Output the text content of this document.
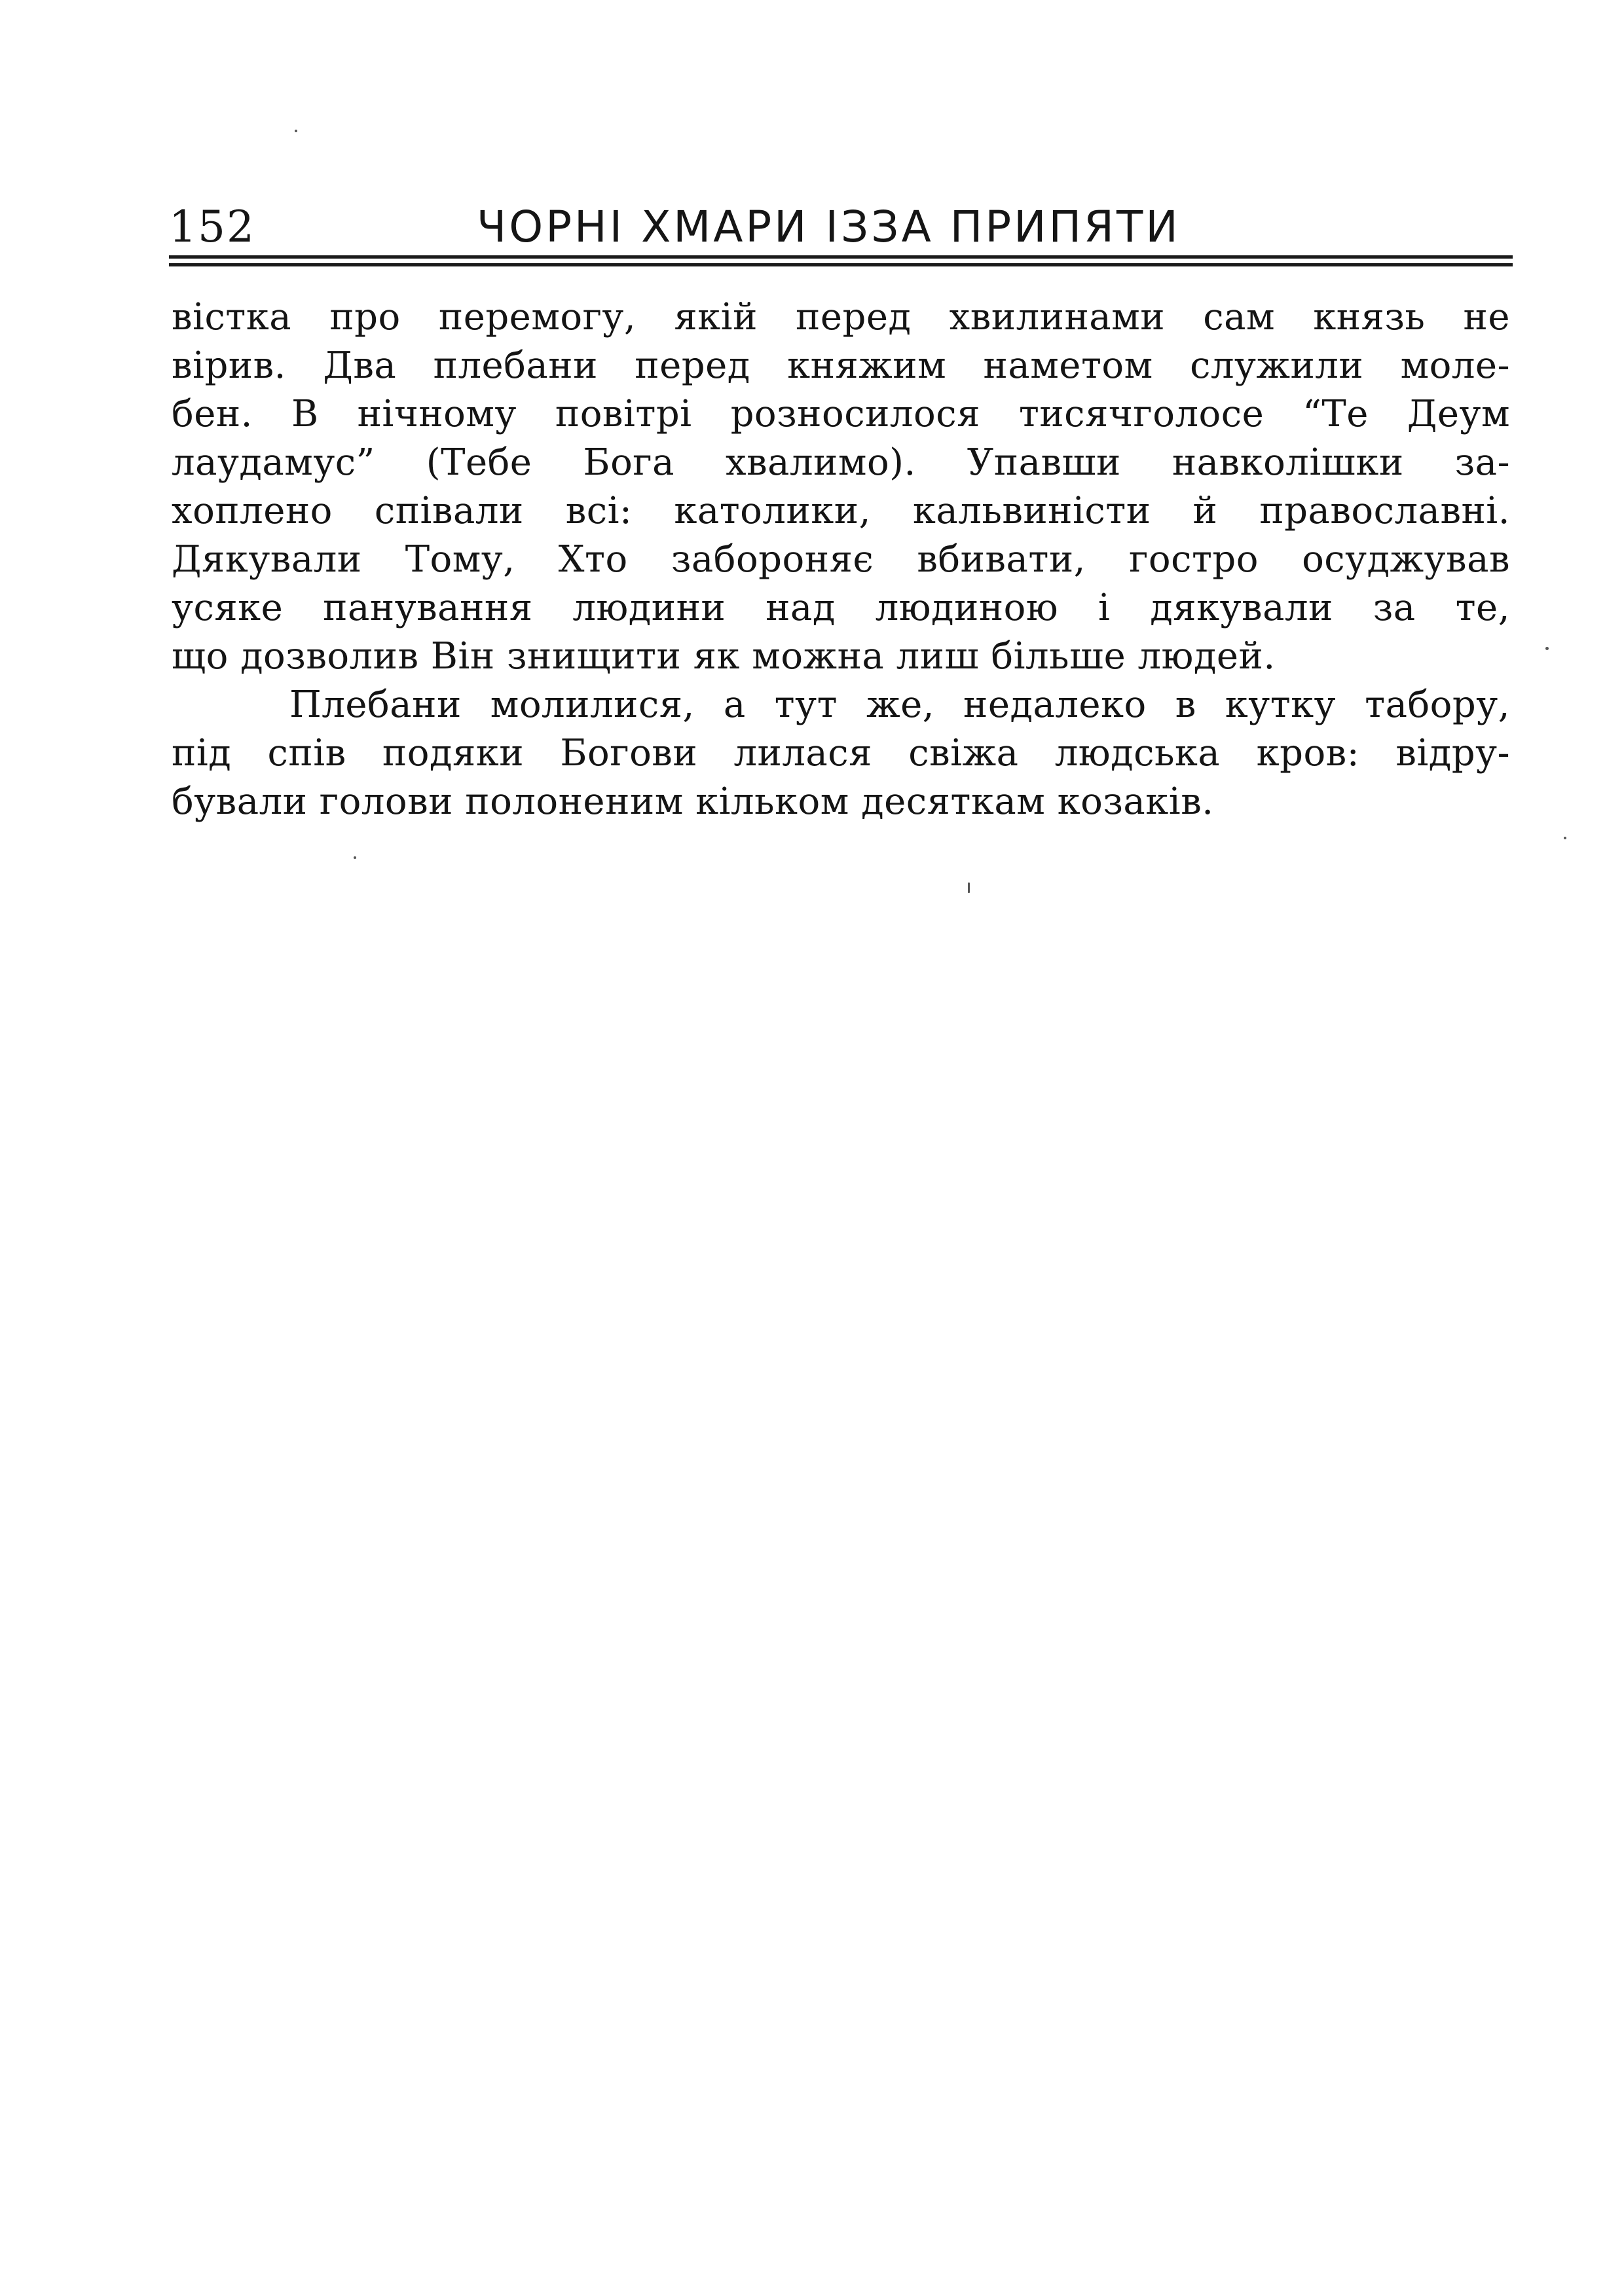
152	ЧОРНІ ХМАРИ ІЗЗА ПРИПЯТИ
вістка про перемогу, якій перед хвилинами сам князь не
вірив. Два плебани перед княжим наметом служили моле-
бен. В нічному повітрі розносилося тисячголосе “Те Деум
лаудамус” (Тебе Бога хвалимо). Упавши навколішки за-
хоплено співали всі: католики, кальвиністи й православні.
Дякували Тому, Хто забороняє вбивати, гостро осуджував
усяке панування людини над людиною і дякували за те,
що дозволив Він знищити як можна лиш більше людей.
Плебани молилися, а тут же, недалеко в кутку табору,
під спів подяки Богови лилася свіжа людська кров: відру-
бували голови полоненим кільком десяткам козаків.
